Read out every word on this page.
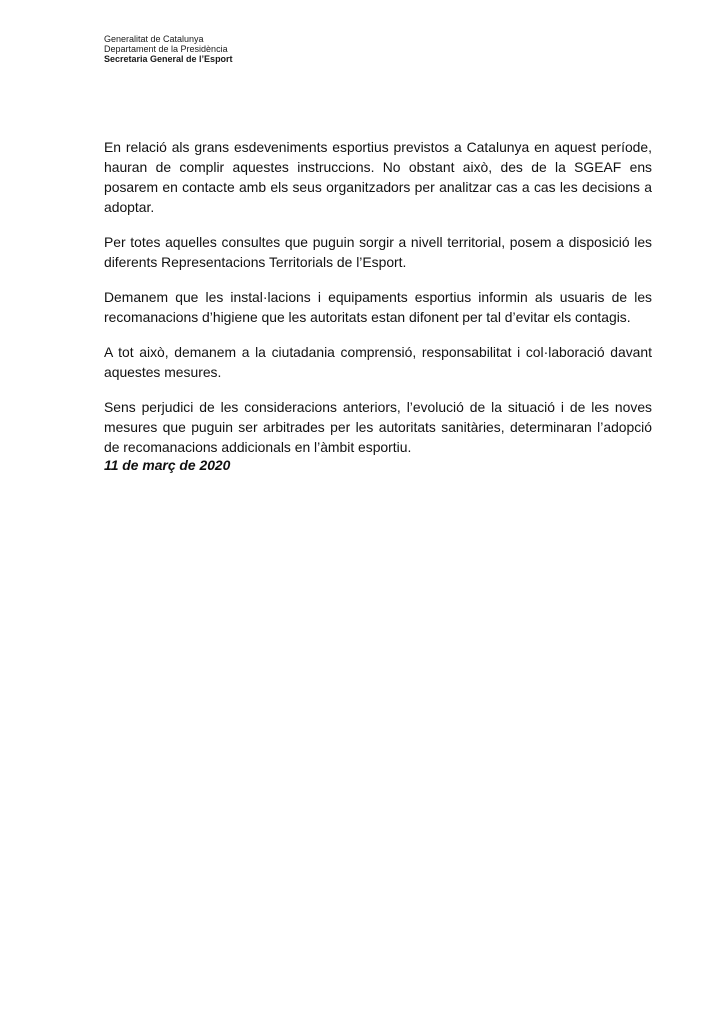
Generalitat de Catalunya
Departament de la Presidència
Secretaria General de l’Esport

En relació als grans esdeveniments esportius previstos a Catalunya en aquest període, hauran de complir aquestes instruccions. No obstant això, des de la SGEAF ens posarem en contacte amb els seus organitzadors per analitzar cas a cas les decisions a adoptar.

Per totes aquelles consultes que puguin sorgir a nivell territorial, posem a disposició les diferents Representacions Territorials de l’Esport.

Demanem que les instal·lacions i equipaments esportius informin als usuaris de les recomanacions d’higiene que les autoritats estan difonent per tal d’evitar els contagis.

A tot això, demanem a la ciutadania comprensió, responsabilitat i col·laboració davant aquestes mesures.

Sens perjudici de les consideracions anteriors, l’evolució de la situació i de les noves mesures que puguin ser arbitrades per les autoritats sanitàries, determinaran l’adopció de recomanacions addicionals en l’àmbit esportiu.

11 de març de 2020
